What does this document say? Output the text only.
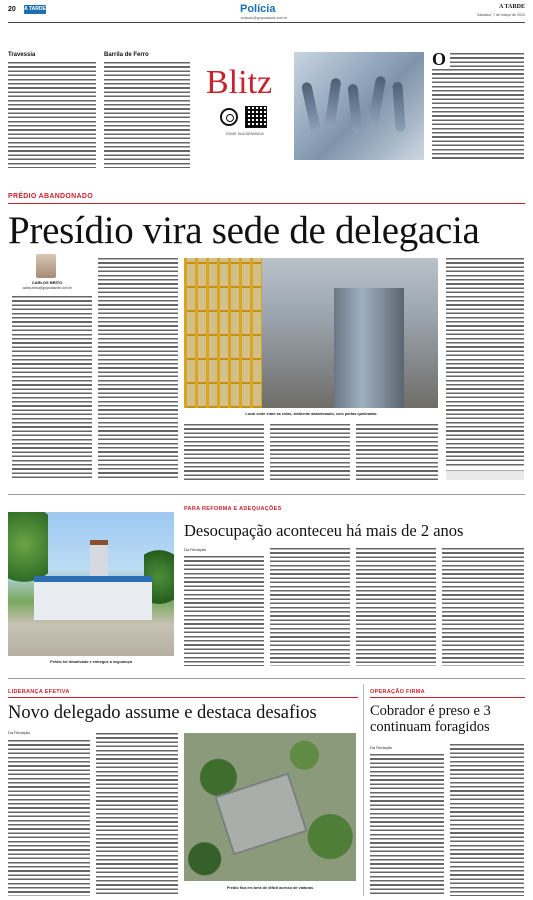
20 A TARDE	Polícia
redacao@grupoatarde.com.br
A TARDE
Salvador, 7 de março de 2024
Travessia	Barrila de Ferro
Blitz
ENVIE SUA DENÚNCIA
O
PRÉDIO ABANDONADO
Presídio vira sede de delegacia
CARLOS BRITO
carlos.brito@grupoatarde.com.br
Local onde eram as celas, ambiente abandonado, com portas quebradas
Prédio foi desativado e entregue à segurança
PARA REFORMA E ADEQUAÇÕES
Desocupação aconteceu há mais de 2 anos
Da Redação
LIDERANÇA EFETIVA
Novo delegado assume e destaca desafios
Da Redação
Prédio fica em área de difícil acesso de viaturas
OPERAÇÃO FIRMA
Cobrador é preso e 3 continuam foragidos
Da Redação
